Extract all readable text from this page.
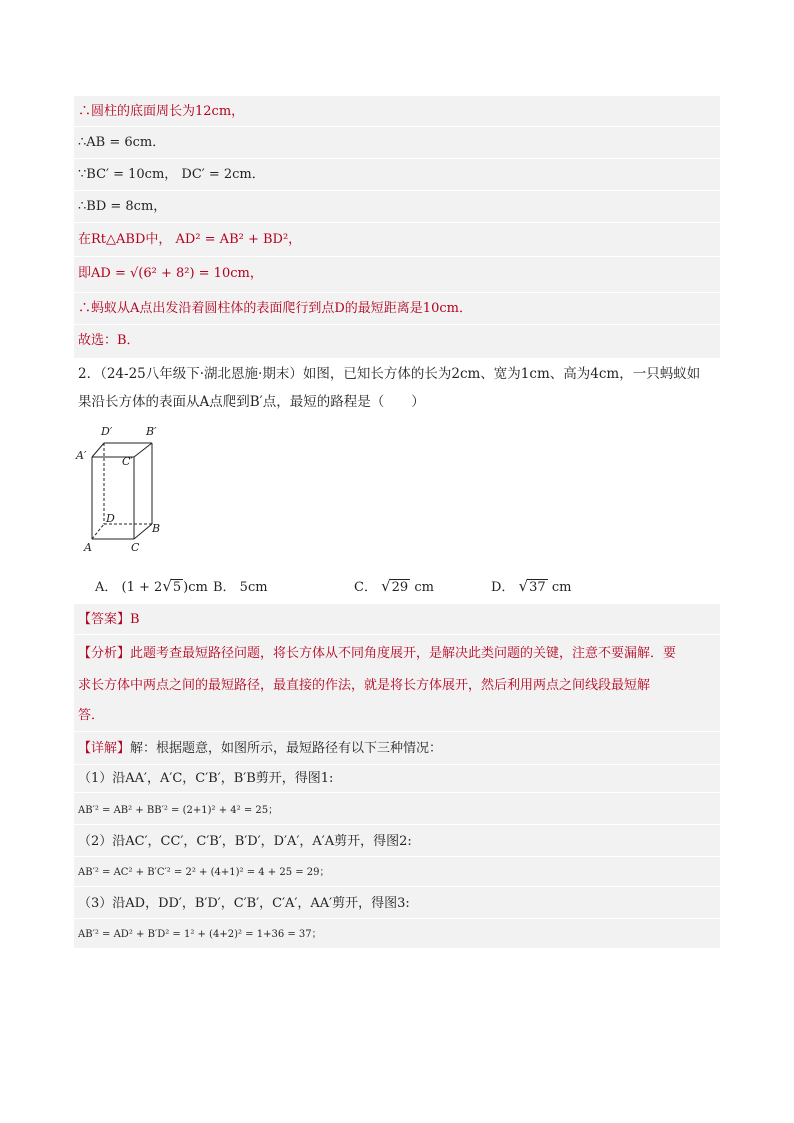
∴圆柱的底面周长为12cm，
∴AB = 6cm．
∵BC′ = 10cm， DC′ = 2cm．
∴BD = 8cm，
在Rt△ABD中， AD² = AB² + BD²，
即AD = √(6² + 8²) = 10cm，
∴蚂蚁从A点出发沿着圆柱体的表面爬行到点D的最短距离是10cm．
故选：B．
2．（24-25八年级下·湖北恩施·期末）如图，已知长方体的长为2cm、宽为1cm、高为4cm，一只蚂蚁如
果沿长方体的表面从A点爬到B′点，最短的路程是（　　）
D′	B′
A′	C′
D
B
A	C
A． (1 + 2√5 )cm B． 5cm	C． √29 cm	D． √37 cm
【答案】B
【分析】此题考查最短路径问题，将长方体从不同角度展开，是解决此类问题的关键，注意不要漏解．要
求长方体中两点之间的最短路径，最直接的作法，就是将长方体展开，然后利用两点之间线段最短解
答．
【详解】解：根据题意，如图所示，最短路径有以下三种情况：
（1）沿AA′，A′C，C′B′，B′B剪开，得图1:
AB′² = AB² + BB′² = (2+1)² + 4² = 25；
（2）沿AC′，CC′，C′B′，B′D′，D′A′，A′A剪开，得图2:
AB′² = AC² + B′C′² = 2² + (4+1)² = 4 + 25 = 29；
（3）沿AD，DD′，B′D′，C′B′，C′A′，AA′剪开，得图3:
AB′² = AD² + B′D² = 1² + (4+2)² = 1+36 = 37；
